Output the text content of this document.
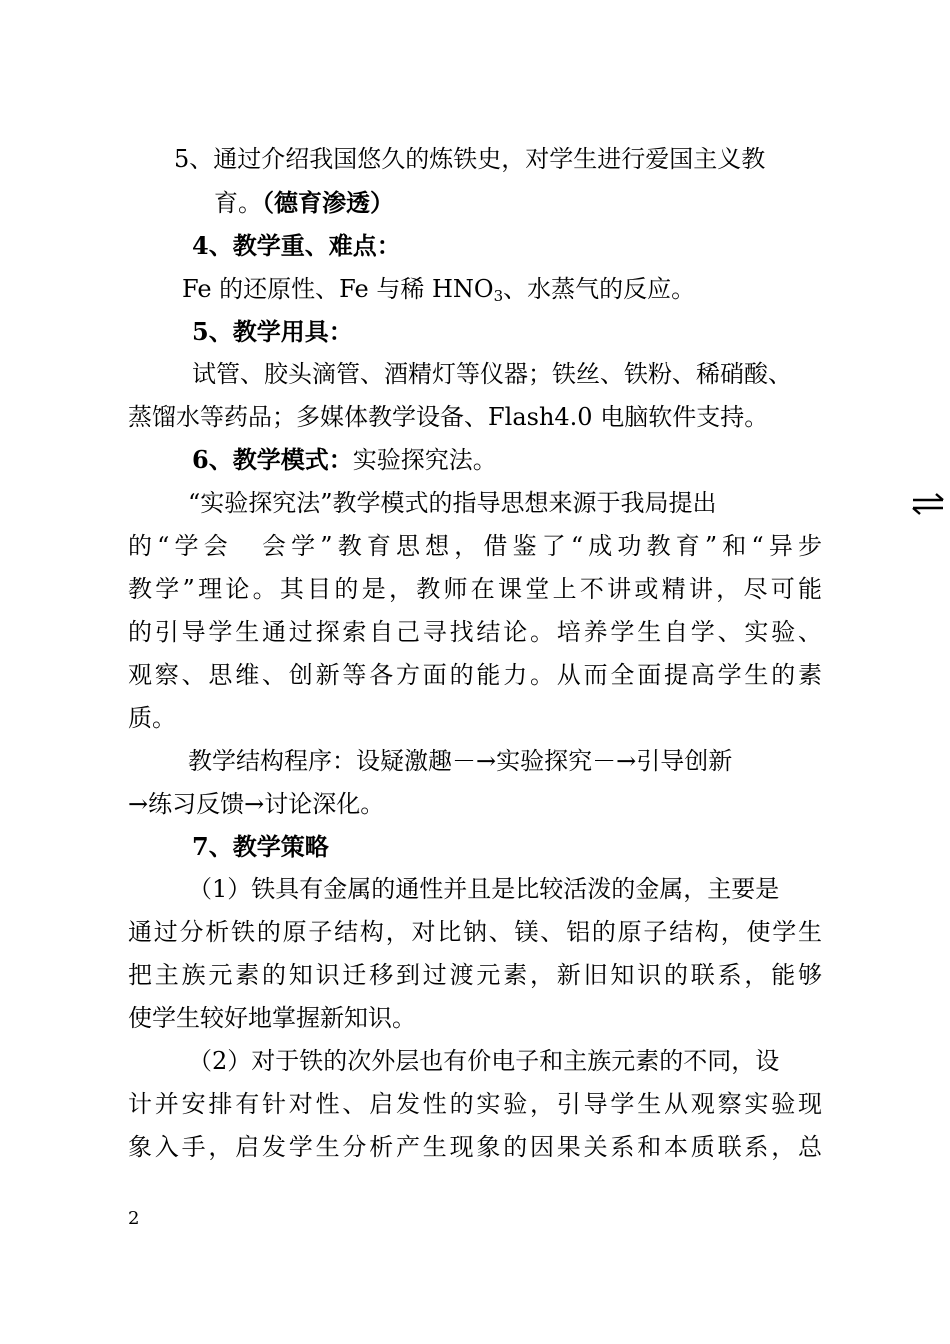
5、通过介绍我国悠久的炼铁史，对学生进行爱国主义教
育。（德育渗透）
4、教学重、难点：
Fe 的还原性、Fe 与稀 $HNO_3$、水蒸气的反应。
5、教学用具：
试管、胶头滴管、酒精灯等仪器；铁丝、铁粉、稀硝酸、
蒸馏水等药品；多媒体教学设备、Flash4.0 电脑软件支持。
6、教学模式：实验探究法。
“实验探究法”教学模式的指导思想来源于我局提出
的“学会　会学”教育思想，借鉴了“成功教育”和“异步
教学”理论。其目的是，教师在课堂上不讲或精讲，尽可能
的引导学生通过探索自己寻找结论。培养学生自学、实验、
观察、思维、创新等各方面的能力。从而全面提高学生的素
质。
教学结构程序：设疑激趣－→实验探究－→引导创新
→练习反馈→讨论深化。
7、教学策略
（1）铁具有金属的通性并且是比较活泼的金属，主要是
通过分析铁的原子结构，对比钠、镁、铝的原子结构，使学生
把主族元素的知识迁移到过渡元素，新旧知识的联系，能够
使学生较好地掌握新知识。
（2）对于铁的次外层也有价电子和主族元素的不同，设
计并安排有针对性、启发性的实验，引导学生从观察实验现
象入手，启发学生分析产生现象的因果关系和本质联系，总
2
